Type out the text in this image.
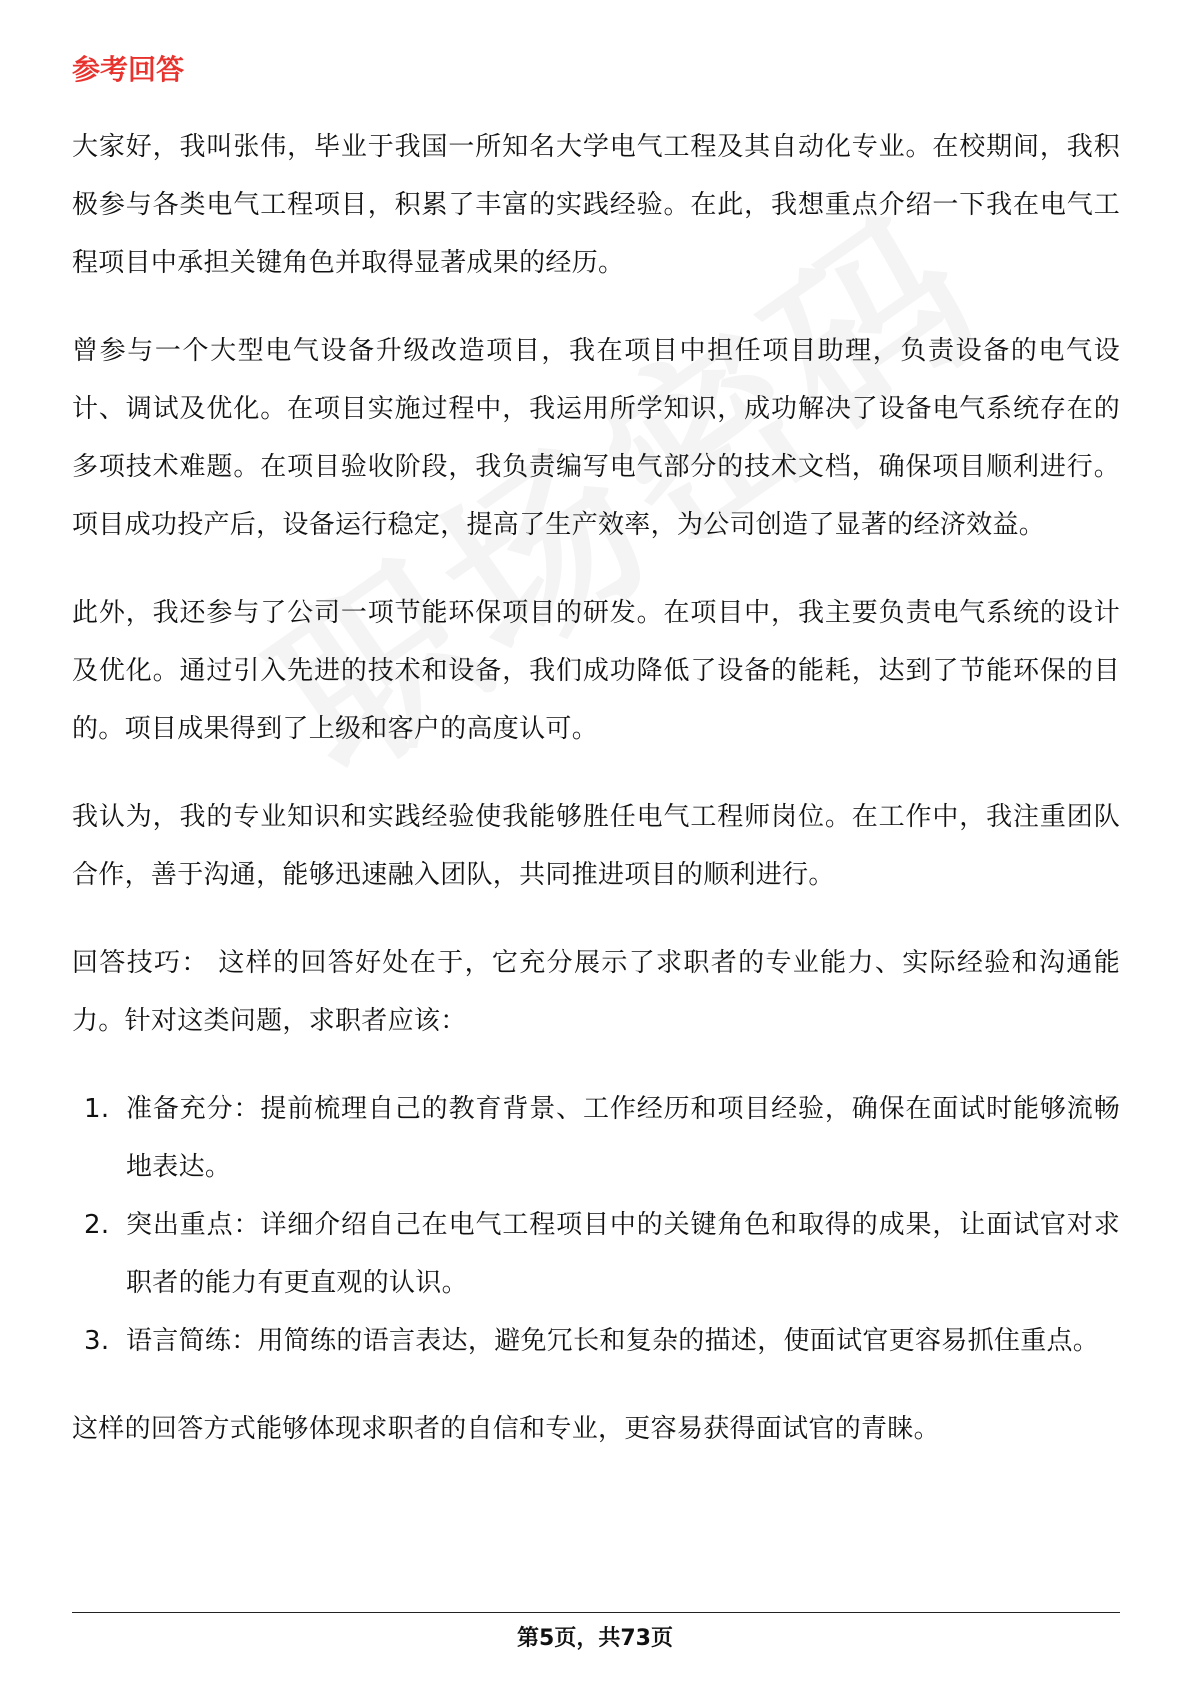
参考回答

大家好，我叫张伟，毕业于我国一所知名大学电气工程及其自动化专业。在校期间，我积极参与各类电气工程项目，积累了丰富的实践经验。在此，我想重点介绍一下我在电气工程项目中承担关键角色并取得显著成果的经历。

曾参与一个大型电气设备升级改造项目，我在项目中担任项目助理，负责设备的电气设计、调试及优化。在项目实施过程中，我运用所学知识，成功解决了设备电气系统存在的多项技术难题。在项目验收阶段，我负责编写电气部分的技术文档，确保项目顺利进行。项目成功投产后，设备运行稳定，提高了生产效率，为公司创造了显著的经济效益。

此外，我还参与了公司一项节能环保项目的研发。在项目中，我主要负责电气系统的设计及优化。通过引入先进的技术和设备，我们成功降低了设备的能耗，达到了节能环保的目的。项目成果得到了上级和客户的高度认可。

我认为，我的专业知识和实践经验使我能够胜任电气工程师岗位。在工作中，我注重团队合作，善于沟通，能够迅速融入团队，共同推进项目的顺利进行。

回答技巧： 这样的回答好处在于，它充分展示了求职者的专业能力、实际经验和沟通能力。针对这类问题，求职者应该：

1. 准备充分：提前梳理自己的教育背景、工作经历和项目经验，确保在面试时能够流畅地表达。
2. 突出重点：详细介绍自己在电气工程项目中的关键角色和取得的成果，让面试官对求职者的能力有更直观的认识。
3. 语言简练：用简练的语言表达，避免冗长和复杂的描述，使面试官更容易抓住重点。

这样的回答方式能够体现求职者的自信和专业，更容易获得面试官的青睐。

第5页，共73页
